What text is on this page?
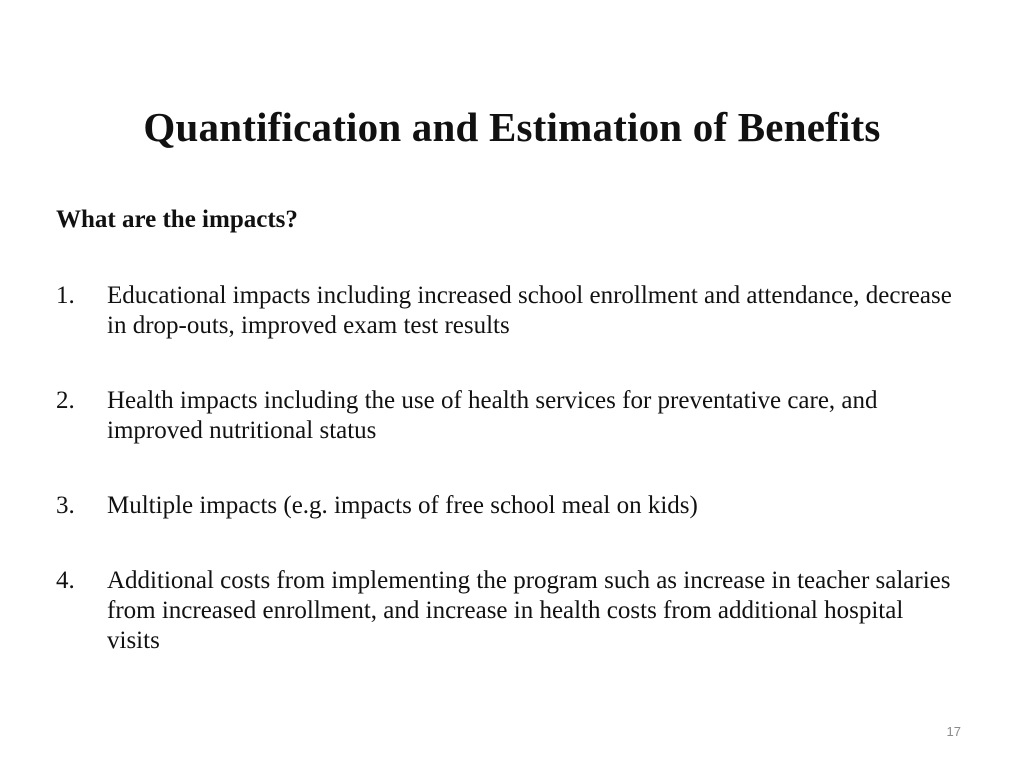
Quantification and Estimation of Benefits

What are the impacts?

1. Educational impacts including increased school enrollment and attendance, decrease in drop-outs, improved exam test results
2. Health impacts including the use of health services for preventative care, and improved nutritional status
3. Multiple impacts (e.g. impacts of free school meal on kids)
4. Additional costs from implementing the program such as increase in teacher salaries from increased enrollment, and increase in health costs from additional hospital visits
17
